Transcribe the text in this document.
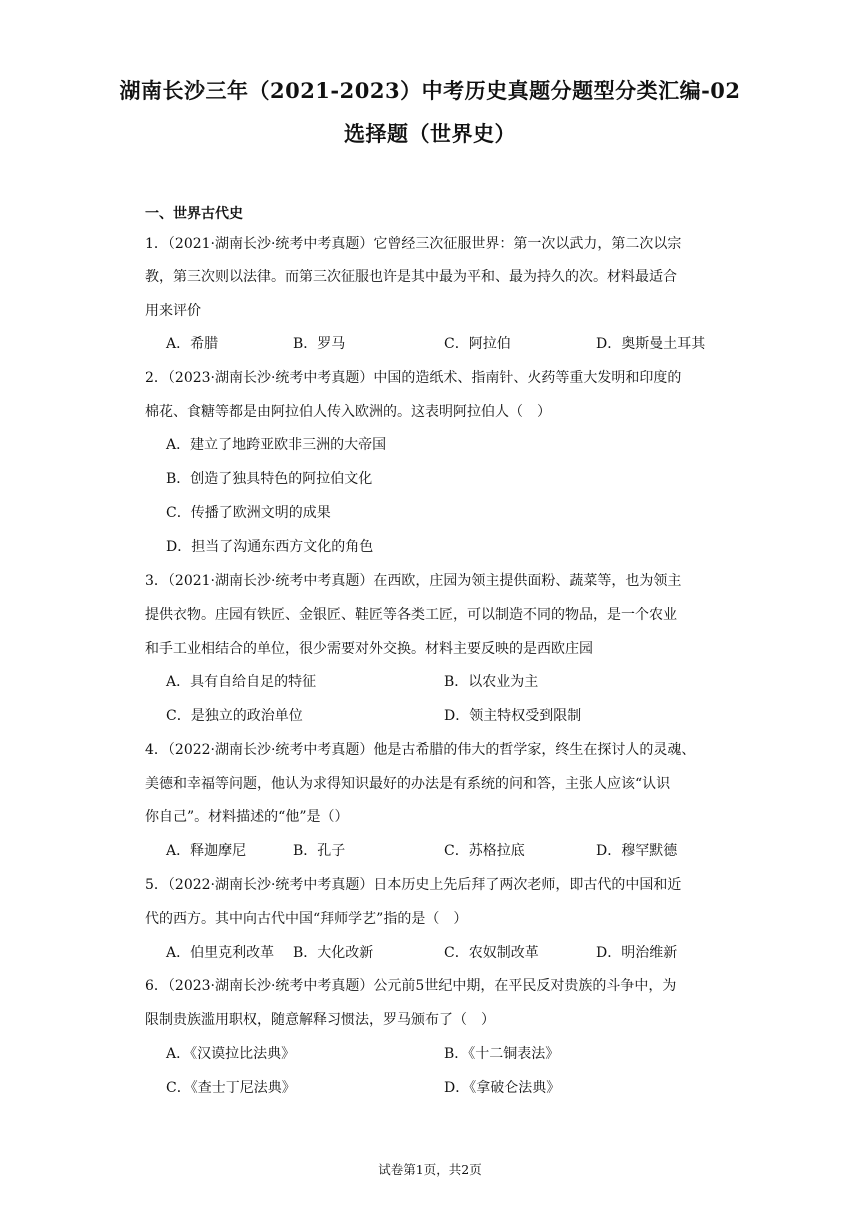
湖南长沙三年（2021-2023）中考历史真题分题型分类汇编-02
选择题（世界史）
一、世界古代史
1．（2021·湖南长沙·统考中考真题）它曾经三次征服世界：第一次以武力，第二次以宗
教，第三次则以法律。而第三次征服也许是其中最为平和、最为持久的次。材料最适合
用来评价
A．希腊	B．罗马	C．阿拉伯	D．奥斯曼土耳其
2．（2023·湖南长沙·统考中考真题）中国的造纸术、指南针、火药等重大发明和印度的
棉花、食糖等都是由阿拉伯人传入欧洲的。这表明阿拉伯人（　）
A．建立了地跨亚欧非三洲的大帝国
B．创造了独具特色的阿拉伯文化
C．传播了欧洲文明的成果
D．担当了沟通东西方文化的角色
3．（2021·湖南长沙·统考中考真题）在西欧，庄园为领主提供面粉、蔬菜等，也为领主
提供衣物。庄园有铁匠、金银匠、鞋匠等各类工匠，可以制造不同的物品，是一个农业
和手工业相结合的单位，很少需要对外交换。材料主要反映的是西欧庄园
A．具有自给自足的特征	B．以农业为主
C．是独立的政治单位	D．领主特权受到限制
4．（2022·湖南长沙·统考中考真题）他是古希腊的伟大的哲学家，终生在探讨人的灵魂、
美德和幸福等问题，他认为求得知识最好的办法是有系统的问和答，主张人应该“认识
你自己”。材料描述的“他”是（）
A．释迦摩尼	B．孔子	C．苏格拉底	D．穆罕默德
5．（2022·湖南长沙·统考中考真题）日本历史上先后拜了两次老师，即古代的中国和近
代的西方。其中向古代中国“拜师学艺”指的是（　）
A．伯里克利改革 B．大化改新	C．农奴制改革	D．明治维新
6．（2023·湖南长沙·统考中考真题）公元前5世纪中期，在平民反对贵族的斗争中，为
限制贵族滥用职权，随意解释习惯法，罗马颁布了（　）
A．《汉谟拉比法典》	B．《十二铜表法》
C．《查士丁尼法典》	D．《拿破仑法典》
试卷第1页，共2页
